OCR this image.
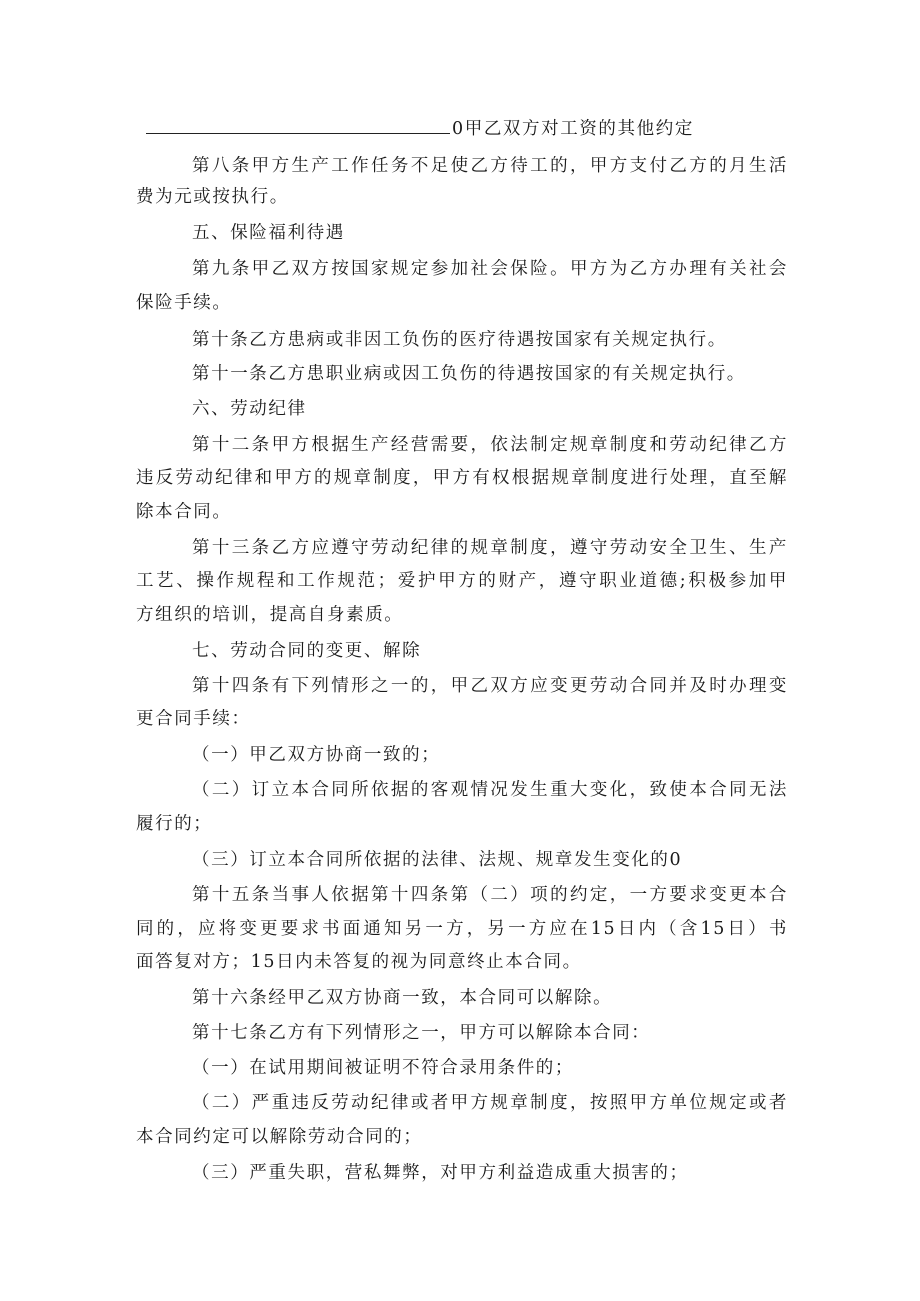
0甲乙双方对工资的其他约定
第八条甲方生产工作任务不足使乙方待工的，甲方支付乙方的月生活
费为元或按执行。
五、保险福利待遇
第九条甲乙双方按国家规定参加社会保险。甲方为乙方办理有关社会
保险手续。
第十条乙方患病或非因工负伤的医疗待遇按国家有关规定执行。
第十一条乙方患职业病或因工负伤的待遇按国家的有关规定执行。
六、劳动纪律
第十二条甲方根据生产经营需要，依法制定规章制度和劳动纪律乙方
违反劳动纪律和甲方的规章制度，甲方有权根据规章制度进行处理，直至解
除本合同。
第十三条乙方应遵守劳动纪律的规章制度，遵守劳动安全卫生、生产
工艺、操作规程和工作规范；爱护甲方的财产，遵守职业道德;积极参加甲
方组织的培训，提高自身素质。
七、劳动合同的变更、解除
第十四条有下列情形之一的，甲乙双方应变更劳动合同并及时办理变
更合同手续：
（一）甲乙双方协商一致的；
（二）订立本合同所依据的客观情况发生重大变化，致使本合同无法
履行的；
（三）订立本合同所依据的法律、法规、规章发生变化的0
第十五条当事人依据第十四条第（二）项的约定，一方要求变更本合
同的，应将变更要求书面通知另一方，另一方应在15日内（含15日）书
面答复对方；15日内未答复的视为同意终止本合同。
第十六条经甲乙双方协商一致，本合同可以解除。
第十七条乙方有下列情形之一，甲方可以解除本合同：
（一）在试用期间被证明不符合录用条件的；
（二）严重违反劳动纪律或者甲方规章制度，按照甲方单位规定或者
本合同约定可以解除劳动合同的；
（三）严重失职，营私舞弊，对甲方利益造成重大损害的；
